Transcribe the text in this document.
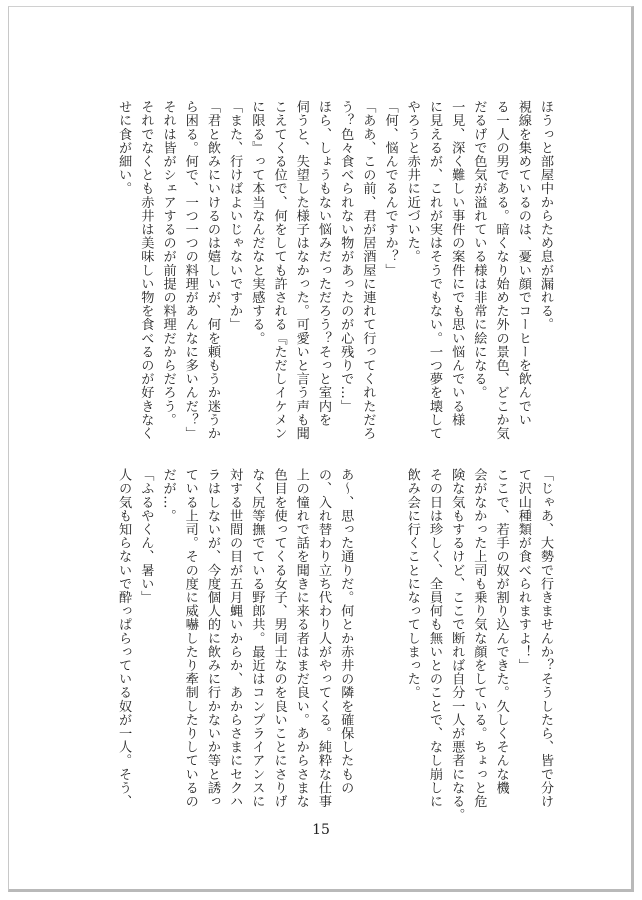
ほうっと部屋中からため息が漏れる。
視線を集めているのは、憂い顔でコーヒーを飲んでい
る一人の男である。暗くなり始めた外の景色、どこか気
だるげで色気が溢れている様は非常に絵になる。
一見、深く難しい事件の案件にでも思い悩んでいる様
に見えるが、これが実はそうでもない。一つ夢を壊して
やろうと赤井に近づいた。
「何、悩んでるんですか？」
「ああ、この前、君が居酒屋に連れて行ってくれただろ
う？色々食べられない物があったのが心残りで…」
ほら、しょうもない悩みだっただろう？そっと室内を
伺うと、失望した様子はなかった。可愛いと言う声も聞
こえてくる位で、何をしても許される『ただしイケメン
に限る』って本当なんだなと実感する。
「また、行けばよいじゃないですか」
「君と飲みにいけるのは嬉しいが、何を頼もうか迷うか
ら困る。何で、一つ一つの料理があんなに多いんだ？」
それは皆がシェアするのが前提の料理だからだろう。
それでなくとも赤井は美味しい物を食べるのが好きなく
せに食が細い。
「じゃあ、大勢で行きませんか？そうしたら、皆で分け
て沢山種類が食べられますよ！」
ここで、若手の奴が割り込んできた。久しくそんな機
会がなかった上司も乗り気な顔をしている。ちょっと危
険な気もするけど、ここで断れば自分一人が悪者になる。
その日は珍しく、全員何も無いとのことで、なし崩しに
飲み会に行くことになってしまった。

あ〜、思った通りだ。何とか赤井の隣を確保したもの
の、入れ替わり立ち代わり人がやってくる。純粋な仕事
上の憧れで話を聞きに来る者はまだ良い。あからさまな
色目を使ってくる女子、男同士なのを良いことにさりげ
なく尻等撫でている野郎共。最近はコンプライアンスに
対する世間の目が五月蝿いからか、あからさまにセクハ
ラはしないが、今度個人的に飲みに行かないか等と誘っ
ている上司。その度に威嚇したり牽制したりしているの
だが…。
「ふるやくん、暑い」
人の気も知らないで酔っぱらっている奴が一人。そう、
15
